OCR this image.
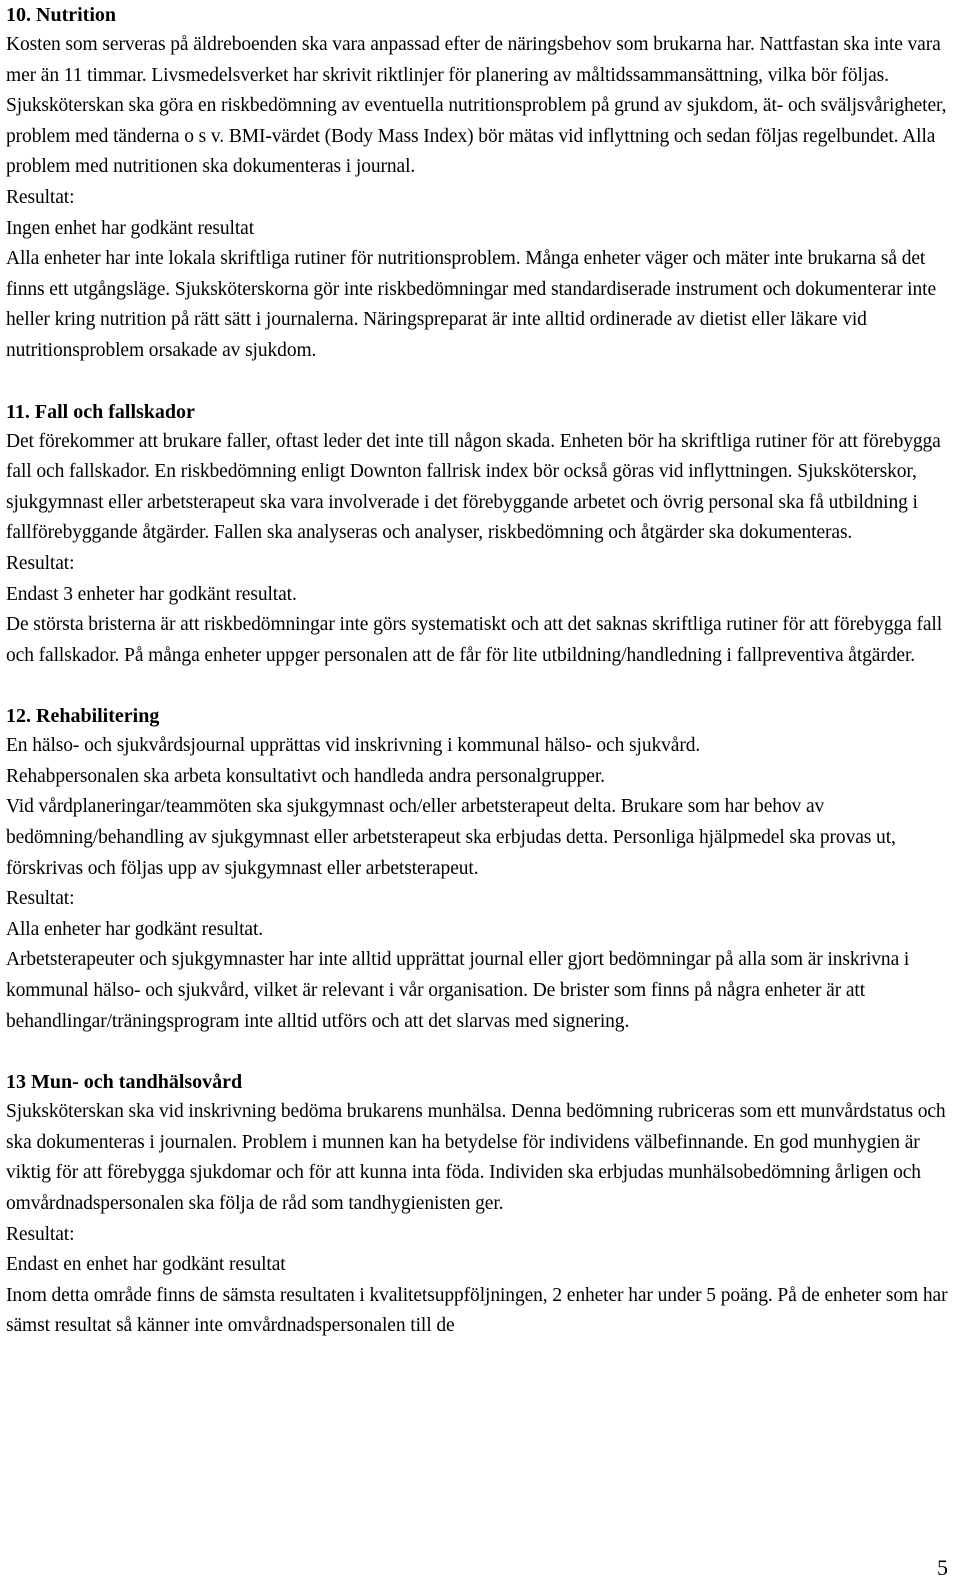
10. Nutrition

Kosten som serveras på äldreboenden ska vara anpassad efter de näringsbehov som brukarna har. Nattfastan ska inte vara mer än 11 timmar. Livsmedelsverket har skrivit riktlinjer för planering av måltidssammansättning, vilka bör följas. Sjuksköterskan ska göra en riskbedömning av eventuella nutritionsproblem på grund av sjukdom, ät- och sväljsvårigheter, problem med tänderna o s v. BMI-värdet (Body Mass Index) bör mätas vid inflyttning och sedan följas regelbundet. Alla problem med nutritionen ska dokumenteras i journal.

Resultat:

Ingen enhet har godkänt resultat

Alla enheter har inte lokala skriftliga rutiner för nutritionsproblem. Många enheter väger och mäter inte brukarna så det finns ett utgångsläge. Sjuksköterskorna gör inte riskbedömningar med standardiserade instrument och dokumenterar inte heller kring nutrition på rätt sätt i journalerna. Näringspreparat är inte alltid ordinerade av dietist eller läkare vid nutritionsproblem orsakade av sjukdom.

11. Fall och fallskador

Det förekommer att brukare faller, oftast leder det inte till någon skada. Enheten bör ha skriftliga rutiner för att förebygga fall och fallskador. En riskbedömning enligt Downton fallrisk index bör också göras vid inflyttningen. Sjuksköterskor, sjukgymnast eller arbetsterapeut ska vara involverade i det förebyggande arbetet och övrig personal ska få utbildning i fallförebyggande åtgärder. Fallen ska analyseras och analyser, riskbedömning och åtgärder ska dokumenteras.

Resultat:

Endast 3 enheter har godkänt resultat.

De största bristerna är att riskbedömningar inte görs systematiskt och att det saknas skriftliga rutiner för att förebygga fall och fallskador. På många enheter uppger personalen att de får för lite utbildning/handledning i fallpreventiva åtgärder.

12. Rehabilitering

En hälso- och sjukvårdsjournal upprättas vid inskrivning i kommunal hälso- och sjukvård.

Rehabpersonalen ska arbeta konsultativt och handleda andra personalgrupper.

Vid vårdplaneringar/teammöten ska sjukgymnast och/eller arbetsterapeut delta. Brukare som har behov av bedömning/behandling av sjukgymnast eller arbetsterapeut ska erbjudas detta. Personliga hjälpmedel ska provas ut, förskrivas och följas upp av sjukgymnast eller arbetsterapeut.

Resultat:

Alla enheter har godkänt resultat.

Arbetsterapeuter och sjukgymnaster har inte alltid upprättat journal eller gjort bedömningar på alla som är inskrivna i kommunal hälso- och sjukvård, vilket är relevant i vår organisation. De brister som finns på några enheter är att behandlingar/träningsprogram inte alltid utförs och att det slarvas med signering.

13 Mun- och tandhälsovård

Sjuksköterskan ska vid inskrivning bedöma brukarens munhälsa. Denna bedömning rubriceras som ett munvårdstatus och ska dokumenteras i journalen. Problem i munnen kan ha betydelse för individens välbefinnande. En god munhygien är viktig för att förebygga sjukdomar och för att kunna inta föda. Individen ska erbjudas munhälsobedömning årligen och omvårdnadspersonalen ska följa de råd som tandhygienisten ger.

Resultat:

Endast en enhet har godkänt resultat

Inom detta område finns de sämsta resultaten i kvalitetsuppföljningen, 2 enheter har under 5 poäng. På de enheter som har sämst resultat så känner inte omvårdnadspersonalen till de

5
